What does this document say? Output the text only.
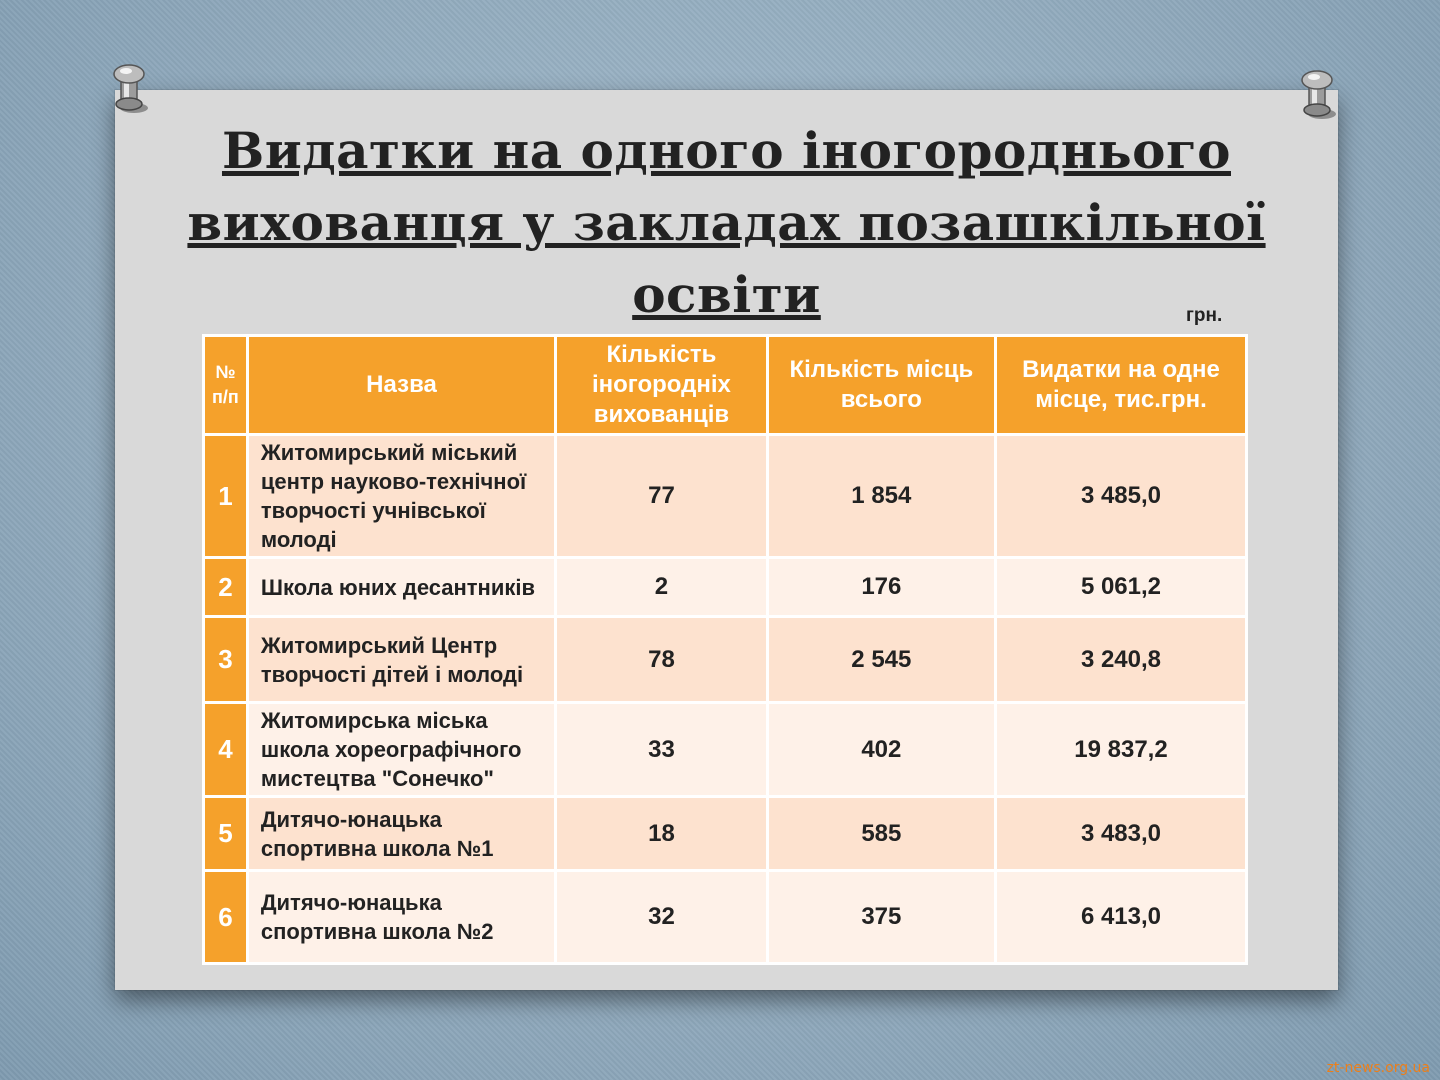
Видатки на одного іногороднього
вихованця у закладах позашкільної
освіти	грн.
№ п/п	Назва	Кількість іногородніх вихованців	Кількість місць всього	Видатки на одне місце, тис.грн.
1	Житомирський міський центр науково-технічної творчості учнівської молоді	77	1 854	3 485,0
2	Школа юних десантників	2	176	5 061,2
3	Житомирський Центр творчості дітей і молоді	78	2 545	3 240,8
4	Житомирська міська школа хореографічного мистецтва "Сонечко"	33	402	19 837,2
5	Дитячо-юнацька спортивна школа №1	18	585	3 483,0
6	Дитячо-юнацька спортивна школа №2	32	375	6 413,0
zt-news.org.ua
